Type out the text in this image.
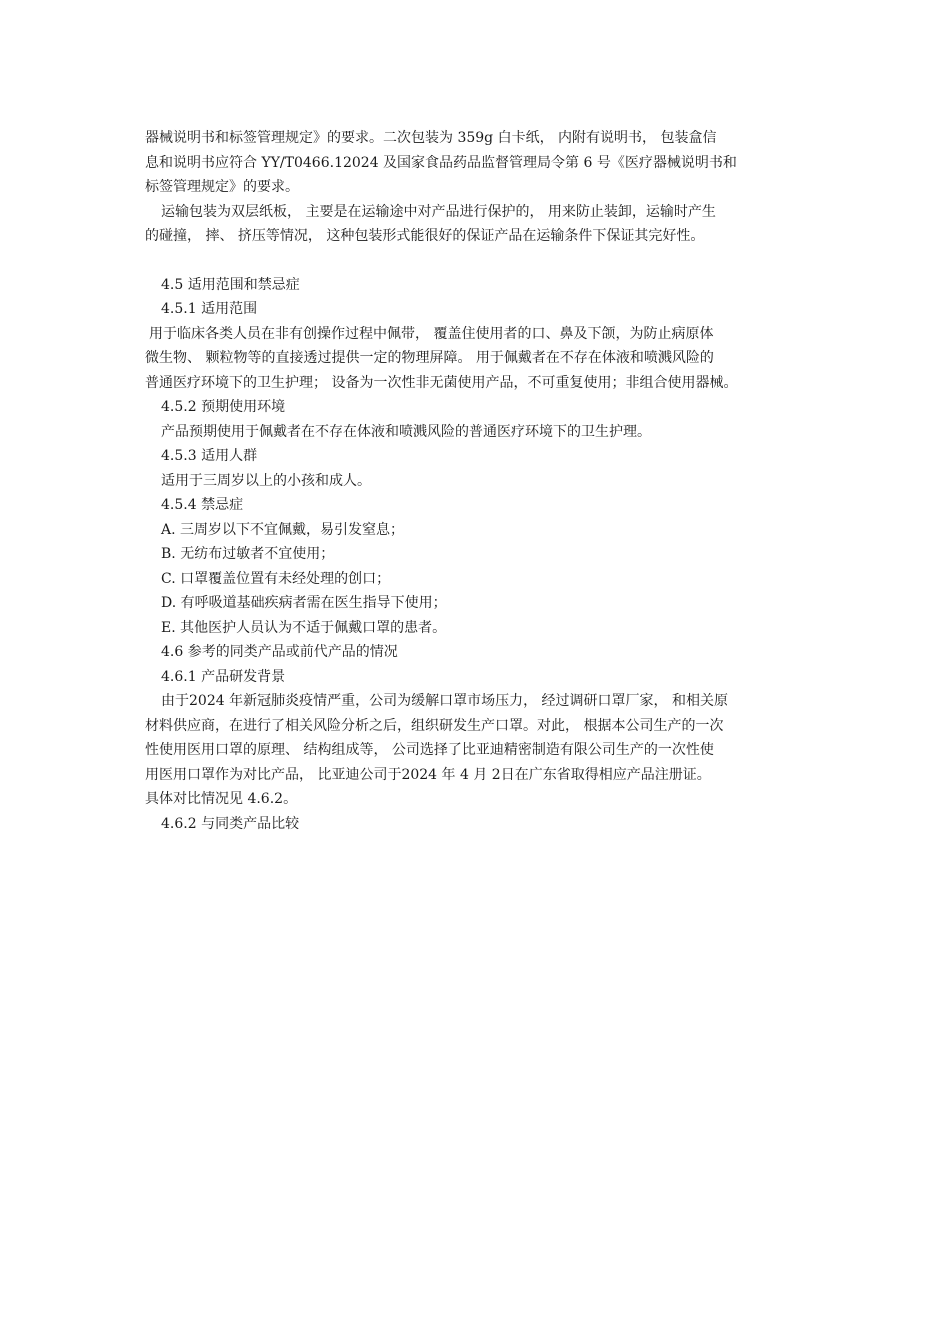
器械说明书和标签管理规定》的要求。二次包装为 359g 白卡纸， 内附有说明书， 包装盒信
息和说明书应符合 YY/T0466.12024 及国家食品药品监督管理局令第 6 号《医疗器械说明书和
标签管理规定》的要求。
运输包装为双层纸板， 主要是在运输途中对产品进行保护的， 用来防止装卸，运输时产生
的碰撞， 摔、 挤压等情况， 这种包装形式能很好的保证产品在运输条件下保证其完好性。
4.5 适用范围和禁忌症
4.5.1 适用范围
用于临床各类人员在非有创操作过程中佩带， 覆盖住使用者的口、鼻及下颌，为防止病原体
微生物、 颗粒物等的直接透过提供一定的物理屏障。 用于佩戴者在不存在体液和喷溅风险的
普通医疗环境下的卫生护理； 设备为一次性非无菌使用产品，不可重复使用；非组合使用器械。
4.5.2 预期使用环境
产品预期使用于佩戴者在不存在体液和喷溅风险的普通医疗环境下的卫生护理。
4.5.3 适用人群
适用于三周岁以上的小孩和成人。
4.5.4 禁忌症
A. 三周岁以下不宜佩戴，易引发窒息；
B. 无纺布过敏者不宜使用；
C. 口罩覆盖位置有未经处理的创口；
D. 有呼吸道基础疾病者需在医生指导下使用；
E. 其他医护人员认为不适于佩戴口罩的患者。
4.6 参考的同类产品或前代产品的情况
4.6.1 产品研发背景
由于2024 年新冠肺炎疫情严重，公司为缓解口罩市场压力， 经过调研口罩厂家， 和相关原
材料供应商，在进行了相关风险分析之后，组织研发生产口罩。对此， 根据本公司生产的一次
性使用医用口罩的原理、 结构组成等， 公司选择了比亚迪精密制造有限公司生产的一次性使
用医用口罩作为对比产品， 比亚迪公司于2024 年 4 月 2日在广东省取得相应产品注册证。
具体对比情况见 4.6.2。
4.6.2 与同类产品比较
